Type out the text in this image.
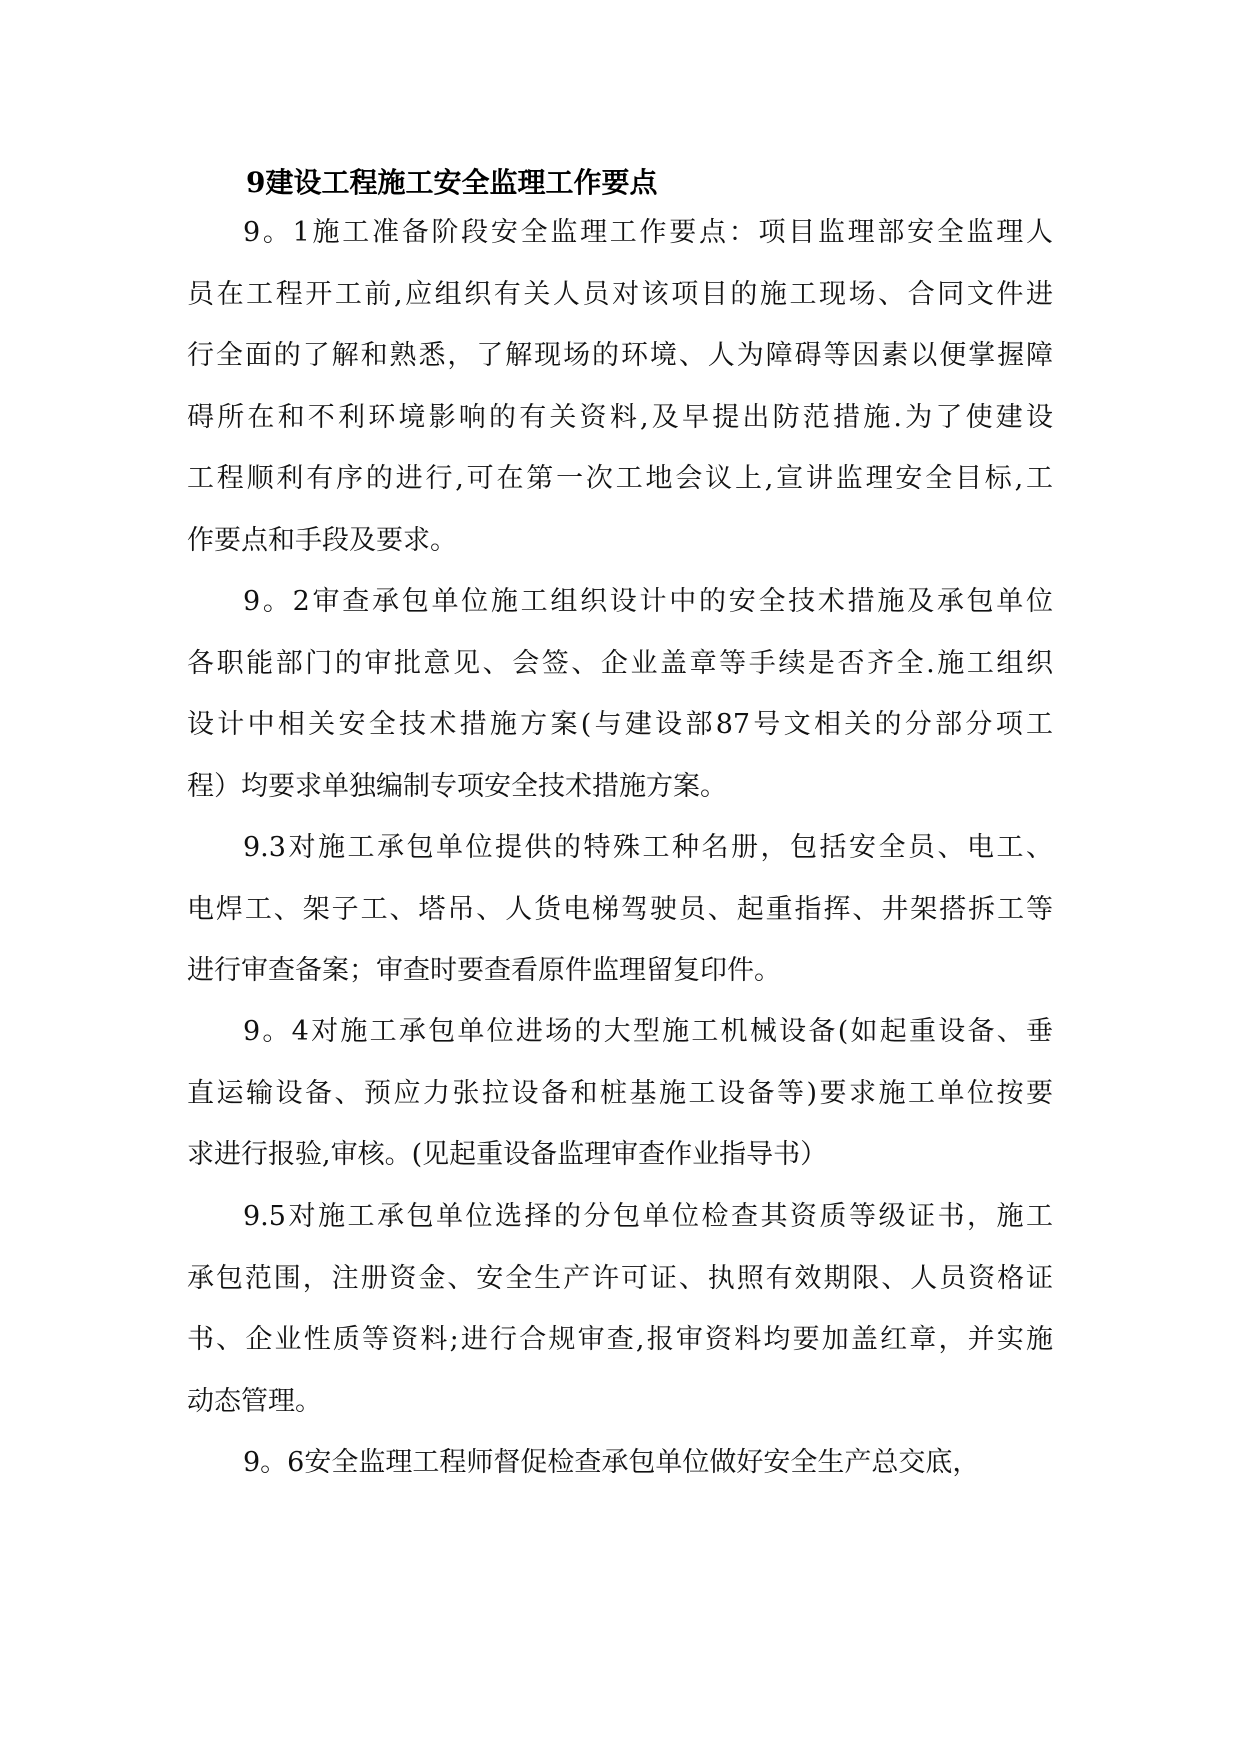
9建设工程施工安全监理工作要点
9。1施工准备阶段安全监理工作要点：项目监理部安全监理人
员在工程开工前,应组织有关人员对该项目的施工现场、合同文件进
行全面的了解和熟悉，了解现场的环境、人为障碍等因素以便掌握障
碍所在和不利环境影响的有关资料,及早提出防范措施.为了使建设
工程顺利有序的进行,可在第一次工地会议上,宣讲监理安全目标,工
作要点和手段及要求。
9。2审查承包单位施工组织设计中的安全技术措施及承包单位
各职能部门的审批意见、会签、企业盖章等手续是否齐全.施工组织
设计中相关安全技术措施方案(与建设部87号文相关的分部分项工
程）均要求单独编制专项安全技术措施方案。
9.3对施工承包单位提供的特殊工种名册，包括安全员、电工、
电焊工、架子工、塔吊、人货电梯驾驶员、起重指挥、井架搭拆工等
进行审查备案；审查时要查看原件监理留复印件。
9。4对施工承包单位进场的大型施工机械设备(如起重设备、垂
直运输设备、预应力张拉设备和桩基施工设备等)要求施工单位按要
求进行报验,审核。(见起重设备监理审查作业指导书）
9.5对施工承包单位选择的分包单位检查其资质等级证书，施工
承包范围，注册资金、安全生产许可证、执照有效期限、人员资格证
书、企业性质等资料;进行合规审查,报审资料均要加盖红章，并实施
动态管理。
9。6安全监理工程师督促检查承包单位做好安全生产总交底，
